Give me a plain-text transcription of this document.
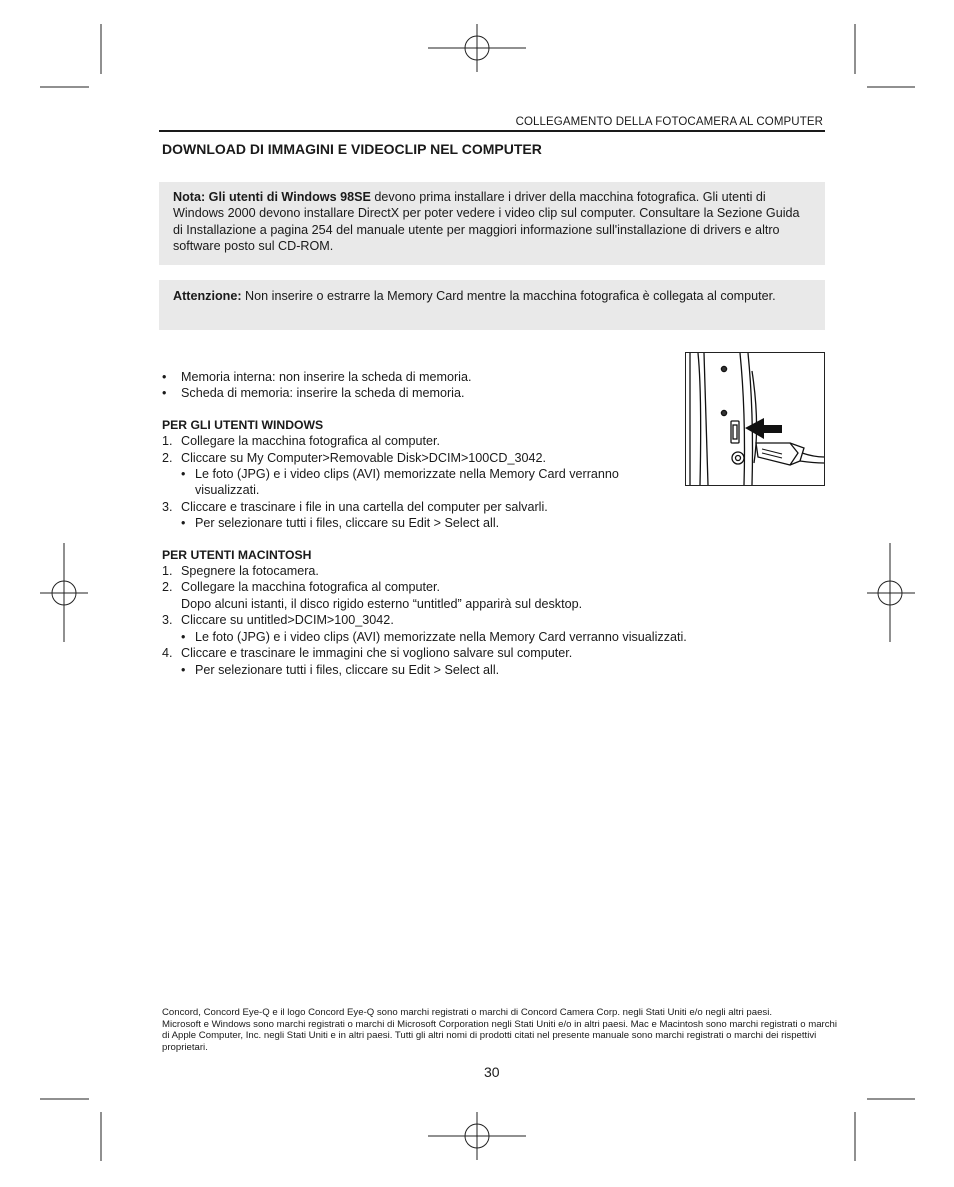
COLLEGAMENTO DELLA FOTOCAMERA AL COMPUTER
DOWNLOAD DI IMMAGINI E VIDEOCLIP NEL COMPUTER

Nota: Gli utenti di Windows 98SE devono prima installare i driver della macchina fotografica. Gli utenti di Windows 2000 devono installare DirectX per poter vedere i video clip sul computer. Consultare la Sezione Guida di Installazione a pagina 254 del manuale utente per maggiori informazione sull'installazione di drivers e altro software posto sul CD-ROM.

Attenzione: Non inserire o estrarre la Memory Card mentre la macchina fotografica è collegata al computer.

• Memoria interna: non inserire la scheda di memoria.
• Scheda di memoria: inserire la scheda di memoria.
PER GLI UTENTI WINDOWS
1. Collegare la macchina fotografica al computer.
2. Cliccare su My Computer>Removable Disk>DCIM>100CD_3042.
• Le foto (JPG) e i video clips (AVI) memorizzate nella Memory Card verranno visualizzati.
3. Cliccare e trascinare i file in una cartella del computer per salvarli.
• Per selezionare tutti i files, cliccare su Edit > Select all.
PER UTENTI MACINTOSH
1. Spegnere la fotocamera.
2. Collegare la macchina fotografica al computer.
Dopo alcuni istanti, il disco rigido esterno “untitled” apparirà sul desktop.
3. Cliccare su untitled>DCIM>100_3042.
• Le foto (JPG) e i video clips (AVI) memorizzate nella Memory Card verranno visualizzati.
4. Cliccare e trascinare le immagini che si vogliono salvare sul computer.
• Per selezionare tutti i files, cliccare su Edit > Select all.

Concord, Concord Eye-Q e il logo Concord Eye-Q sono marchi registrati o marchi di Concord Camera Corp. negli Stati Uniti e/o negli altri paesi.

Microsoft e Windows sono marchi registrati o marchi di Microsoft Corporation negli Stati Uniti e/o in altri paesi. Mac e Macintosh sono marchi registrati o marchi di Apple Computer, Inc. negli Stati Uniti e in altri paesi. Tutti gli altri nomi di prodotti citati nel presente manuale sono marchi registrati o marchi dei rispettivi proprietari.

30
